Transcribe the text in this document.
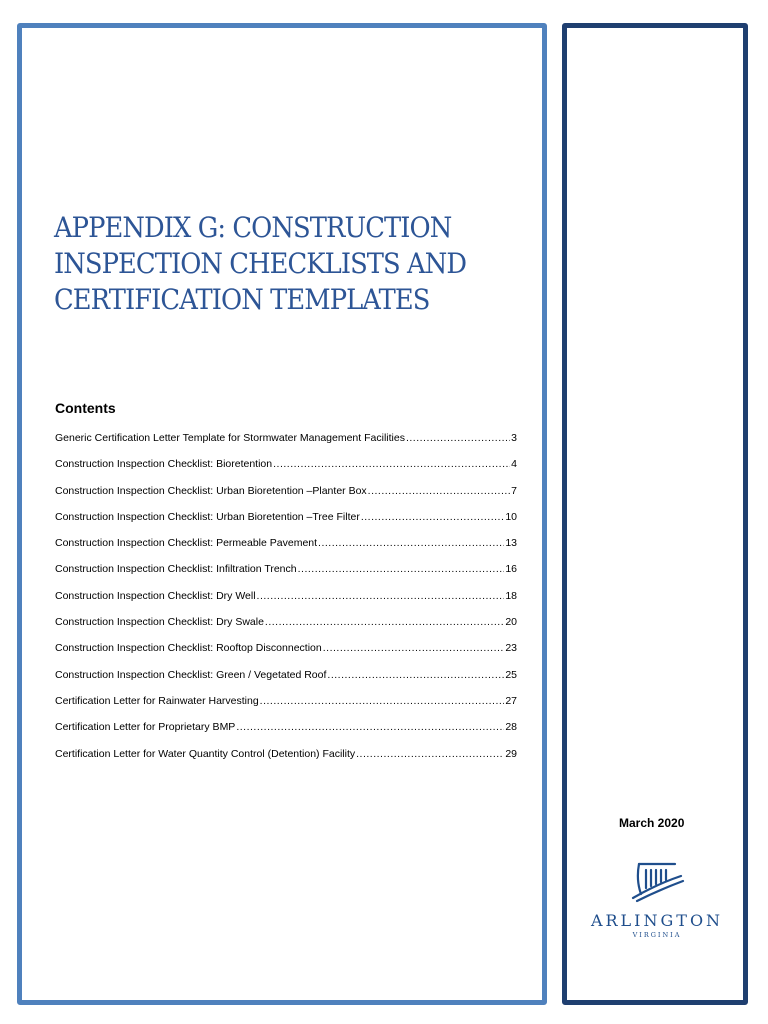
APPENDIX G: CONSTRUCTION INSPECTION CHECKLISTS AND CERTIFICATION TEMPLATES
Contents
Generic Certification Letter Template for Stormwater Management Facilities .....	3
Construction Inspection Checklist: Bioretention .....	4
Construction Inspection Checklist: Urban Bioretention –Planter Box .....	7
Construction Inspection Checklist: Urban Bioretention –Tree Filter .....	10
Construction Inspection Checklist: Permeable Pavement .....	13
Construction Inspection Checklist: Infiltration Trench .....	16
Construction Inspection Checklist: Dry Well .....	18
Construction Inspection Checklist: Dry Swale .....	20
Construction Inspection Checklist: Rooftop Disconnection .....	23
Construction Inspection Checklist: Green / Vegetated Roof .....	25
Certification Letter for Rainwater Harvesting .....	27
Certification Letter for Proprietary BMP .....	28
Certification Letter for Water Quantity Control (Detention) Facility .....	29
March 2020
ARLINGTON
VIRGINIA
